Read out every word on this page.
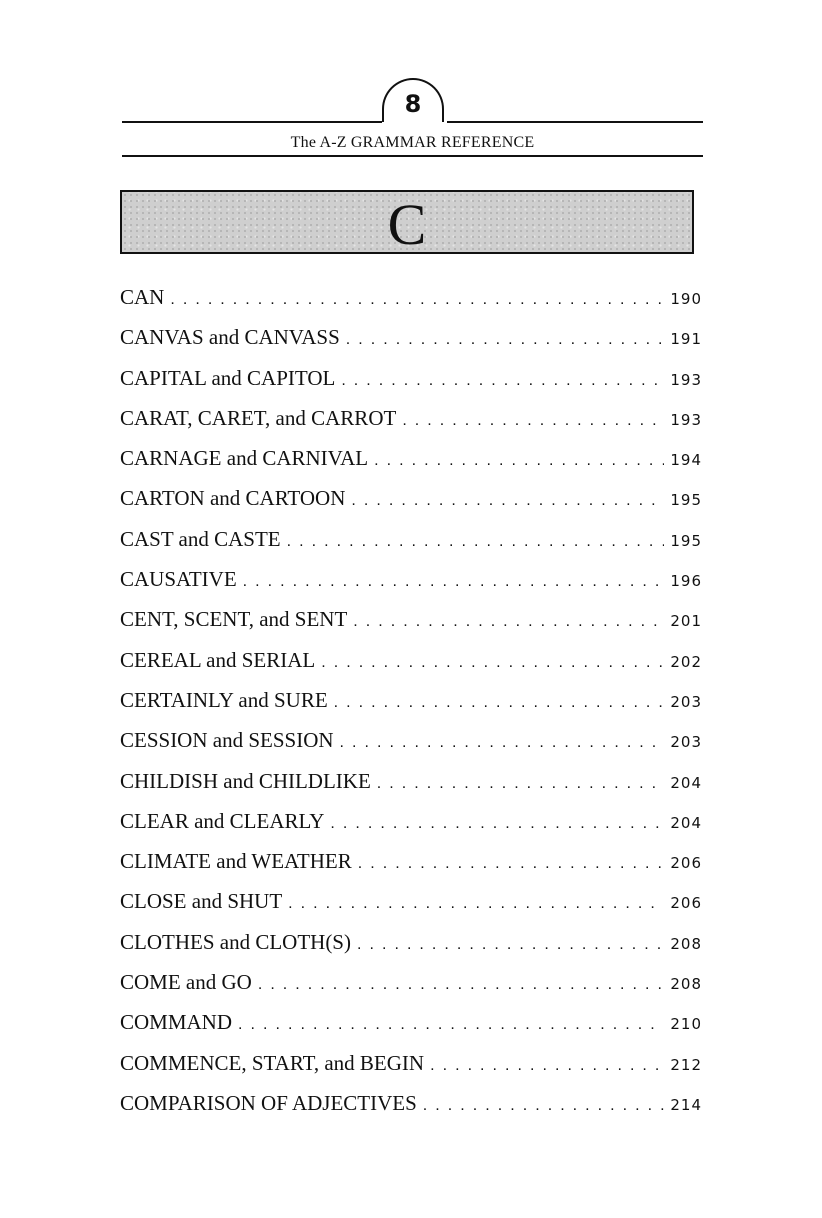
8
The A-Z GRAMMAR REFERENCE
C
CAN . . .	190
CANVAS and CANVASS . . .	191
CAPITAL and CAPITOL . . .	193
CARAT, CARET, and CARROT . . .	193
CARNAGE and CARNIVAL . . .	194
CARTON and CARTOON . . .	195
CAST and CASTE . . .	195
CAUSATIVE . . .	196
CENT, SCENT, and SENT . . .	201
CEREAL and SERIAL . . .	202
CERTAINLY and SURE . . .	203
CESSION and SESSION . . .	203
CHILDISH and CHILDLIKE . . .	204
CLEAR and CLEARLY . . .	204
CLIMATE and WEATHER . . .	206
CLOSE and SHUT . . .	206
CLOTHES and CLOTH(S) . . .	208
COME and GO . . .	208
COMMAND . . .	210
COMMENCE, START, and BEGIN . . .	212
COMPARISON OF ADJECTIVES . . .	214
